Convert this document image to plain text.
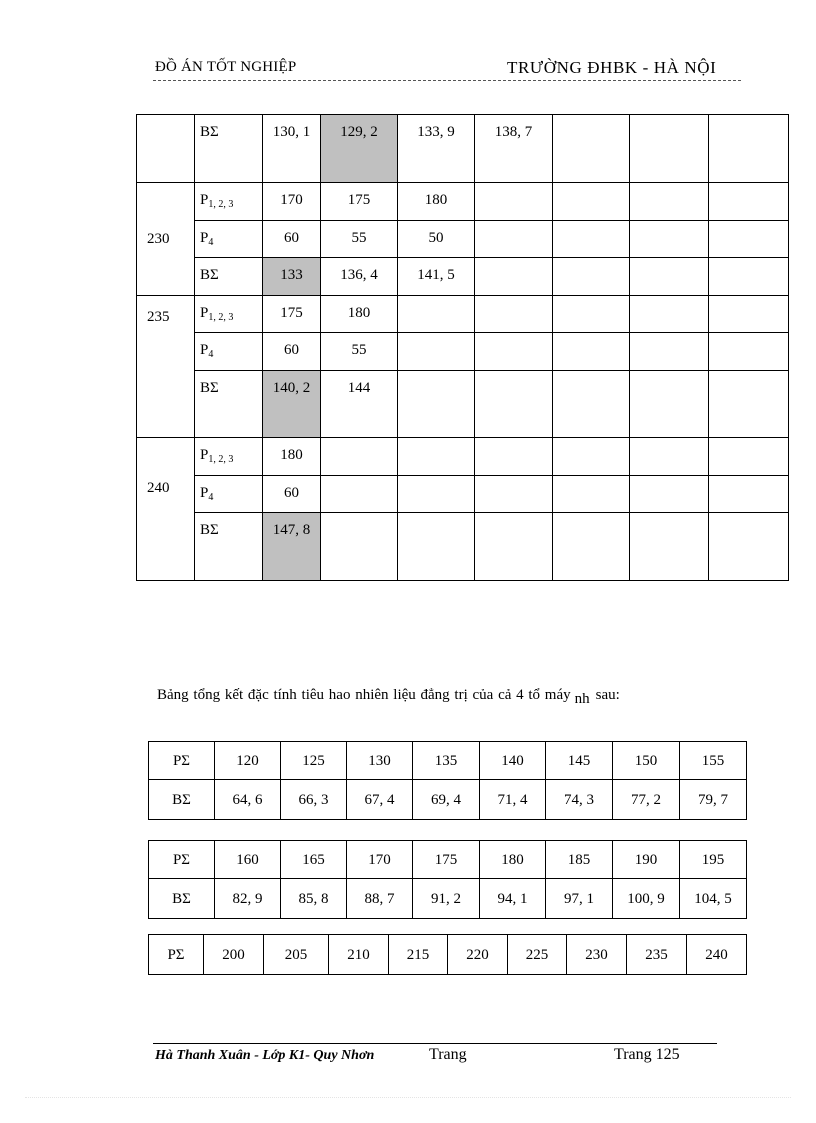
ĐỒ ÁN TỐT NGHIỆP	TRƯỜNG ĐHBK - HÀ NỘI
	BΣ	130, 1	129, 2	133, 9	138, 7			
230	$P_{1, 2, 3}$	170	175	180				
	$P_4$	60	55	50				
	BΣ	133	136, 4	141, 5				
235	$P_{1, 2, 3}$	175	180					
	$P_4$	60	55					
	BΣ	140, 2	144					
240	$P_{1, 2, 3}$	180						
	$P_4$	60						
	BΣ	147, 8						
Bảng tổng kết đặc tính tiêu hao nhiên liệu đẳng trị của cả 4 tổ máy nh sau:
PΣ	120	125	130	135	140	145	150	155
BΣ	64, 6	66, 3	67, 4	69, 4	71, 4	74, 3	77, 2	79, 7
PΣ	160	165	170	175	180	185	190	195
BΣ	82, 9	85, 8	88, 7	91, 2	94, 1	97, 1	100, 9	104, 5
PΣ	200	205	210	215	220	225	230	235	240
Hà Thanh Xuân - Lớp K1- Quy Nhơn	Trang	Trang 125
